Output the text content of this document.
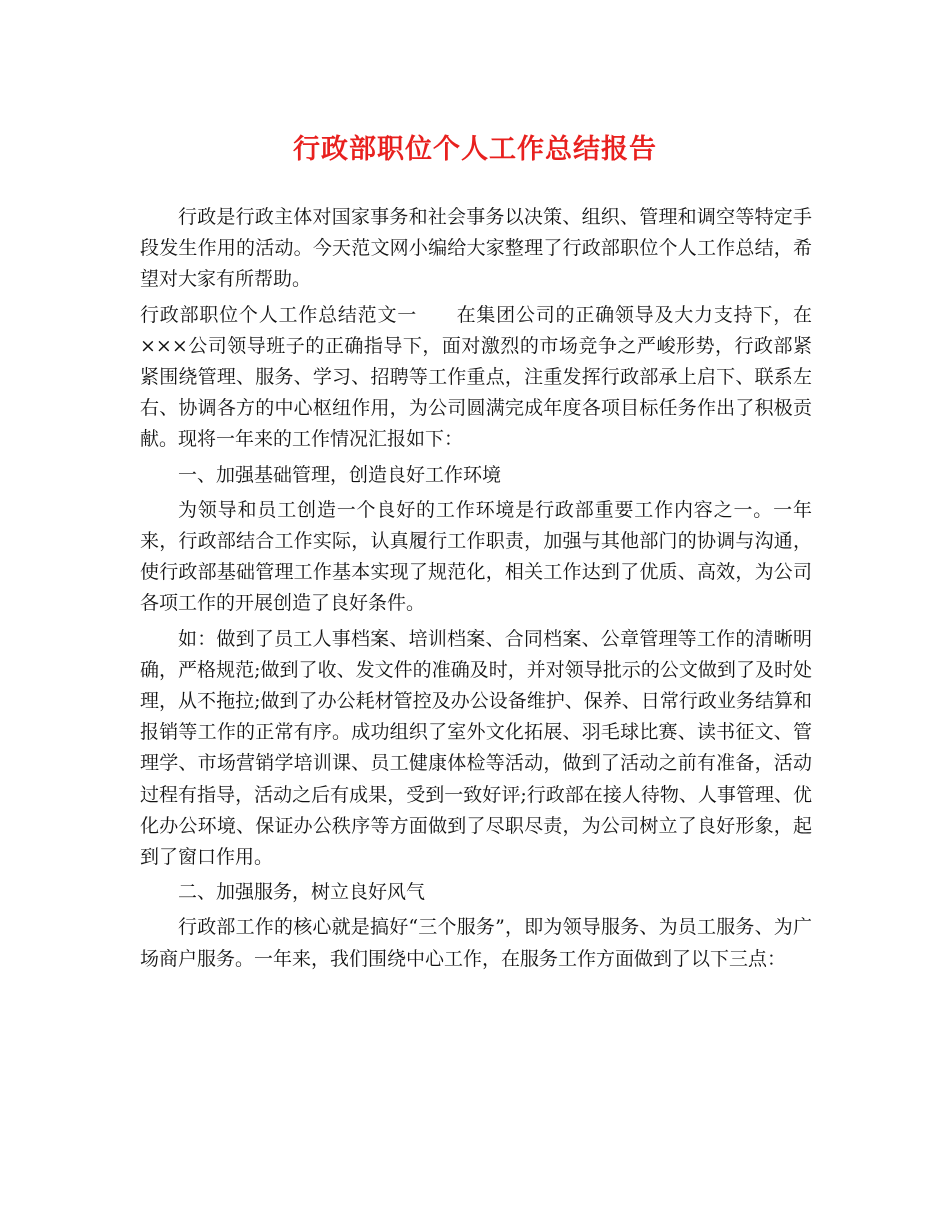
行政部职位个人工作总结报告

行政是行政主体对国家事务和社会事务以决策、组织、管理和调空等特定手段发生作用的活动。今天范文网小编给大家整理了行政部职位个人工作总结，希望对大家有所帮助。

行政部职位个人工作总结范文一　　在集团公司的正确领导及大力支持下，在×××公司领导班子的正确指导下，面对激烈的市场竞争之严峻形势，行政部紧紧围绕管理、服务、学习、招聘等工作重点，注重发挥行政部承上启下、联系左右、协调各方的中心枢纽作用，为公司圆满完成年度各项目标任务作出了积极贡献。现将一年来的工作情况汇报如下：

一、加强基础管理，创造良好工作环境

为领导和员工创造一个良好的工作环境是行政部重要工作内容之一。一年来，行政部结合工作实际，认真履行工作职责，加强与其他部门的协调与沟通，使行政部基础管理工作基本实现了规范化，相关工作达到了优质、高效，为公司各项工作的开展创造了良好条件。

如：做到了员工人事档案、培训档案、合同档案、公章管理等工作的清晰明确，严格规范;做到了收、发文件的准确及时，并对领导批示的公文做到了及时处理，从不拖拉;做到了办公耗材管控及办公设备维护、保养、日常行政业务结算和报销等工作的正常有序。成功组织了室外文化拓展、羽毛球比赛、读书征文、管理学、市场营销学培训课、员工健康体检等活动，做到了活动之前有准备，活动过程有指导，活动之后有成果，受到一致好评;行政部在接人待物、人事管理、优化办公环境、保证办公秩序等方面做到了尽职尽责，为公司树立了良好形象，起到了窗口作用。

二、加强服务，树立良好风气

行政部工作的核心就是搞好“三个服务”，即为领导服务、为员工服务、为广场商户服务。一年来，我们围绕中心工作，在服务工作方面做到了以下三点：
